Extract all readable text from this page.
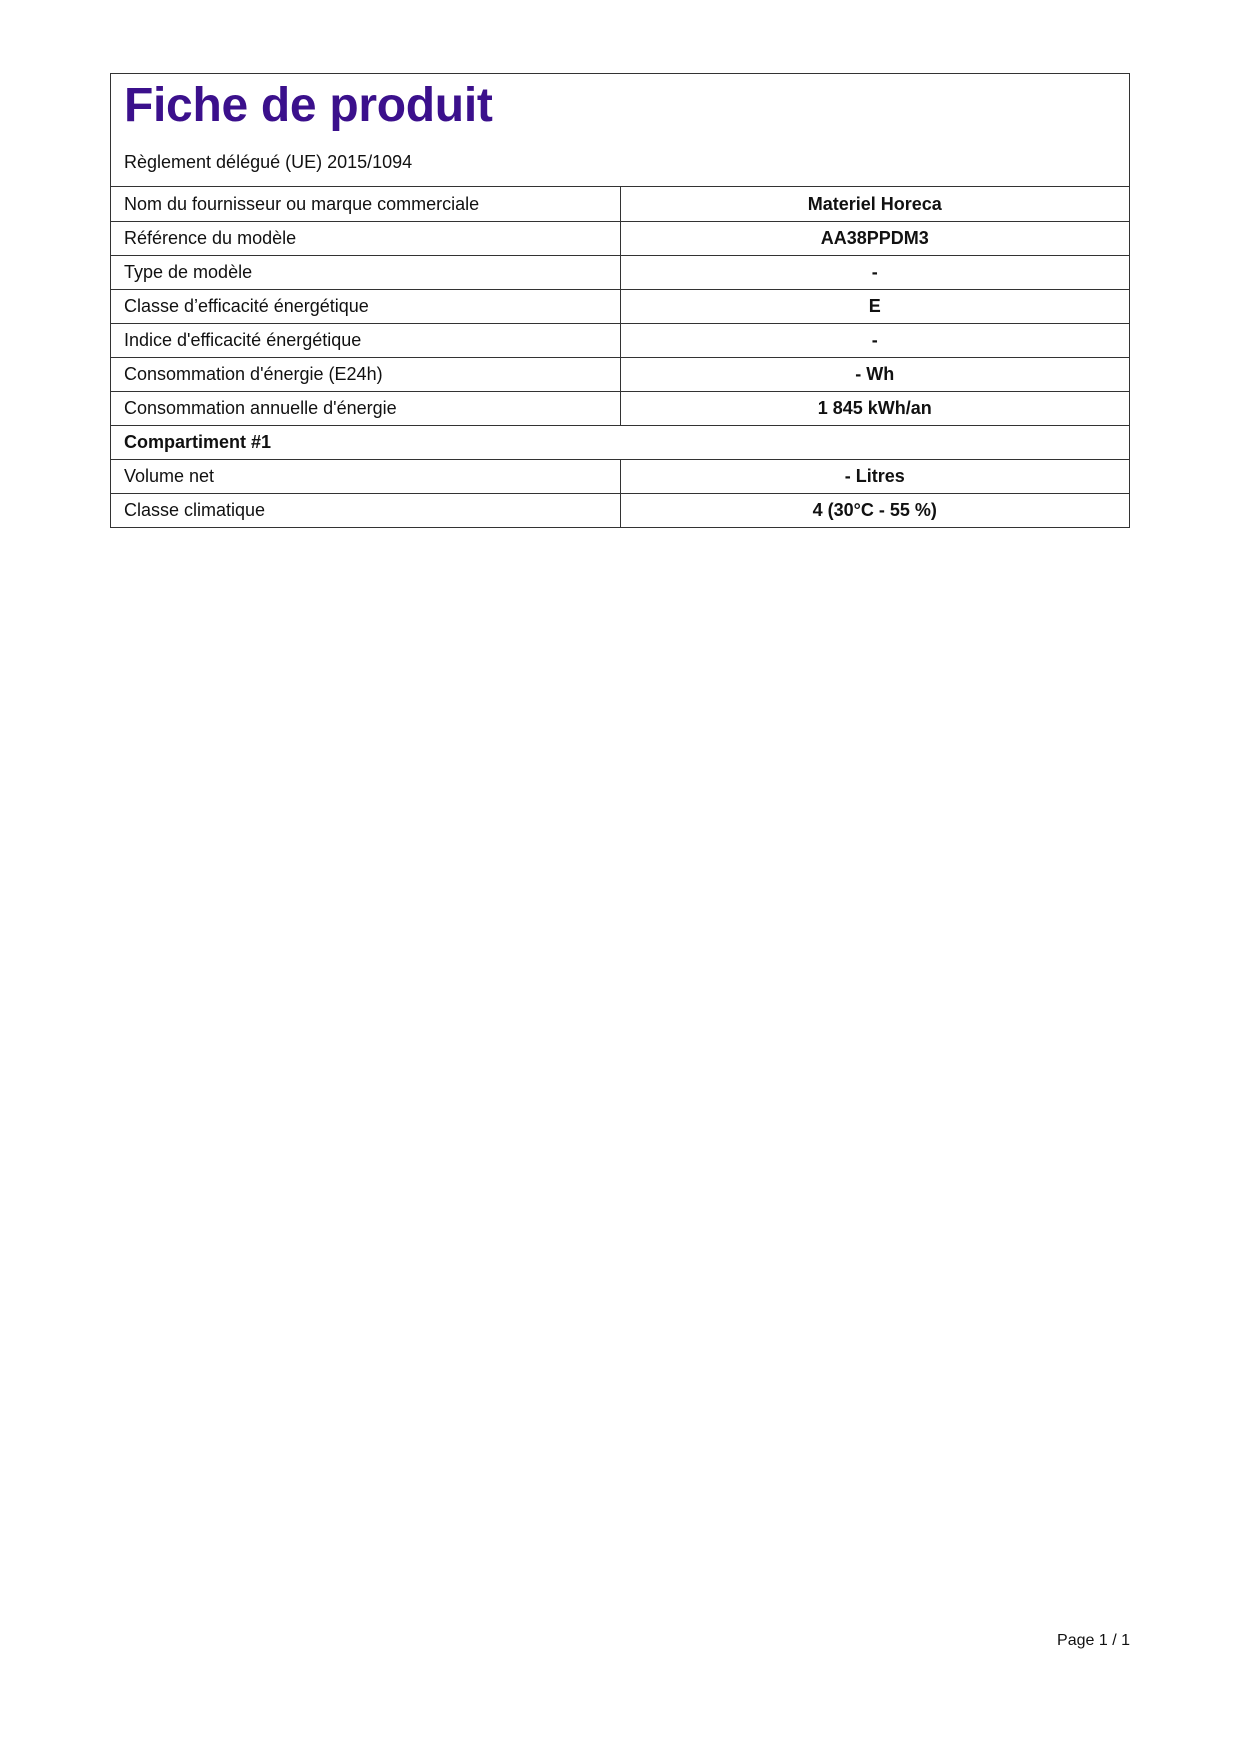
Fiche de produit
Règlement délégué (UE) 2015/1094
Nom du fournisseur ou marque commerciale	Materiel Horeca
Référence du modèle	AA38PPDM3
Type de modèle	-
Classe d’efficacité énergétique	E
Indice d'efficacité énergétique	-
Consommation d'énergie (E24h)	- Wh
Consommation annuelle d'énergie	1 845 kWh/an
Compartiment #1	
Volume net	- Litres
Classe climatique	4 (30°C - 55 %)
Page 1 / 1
